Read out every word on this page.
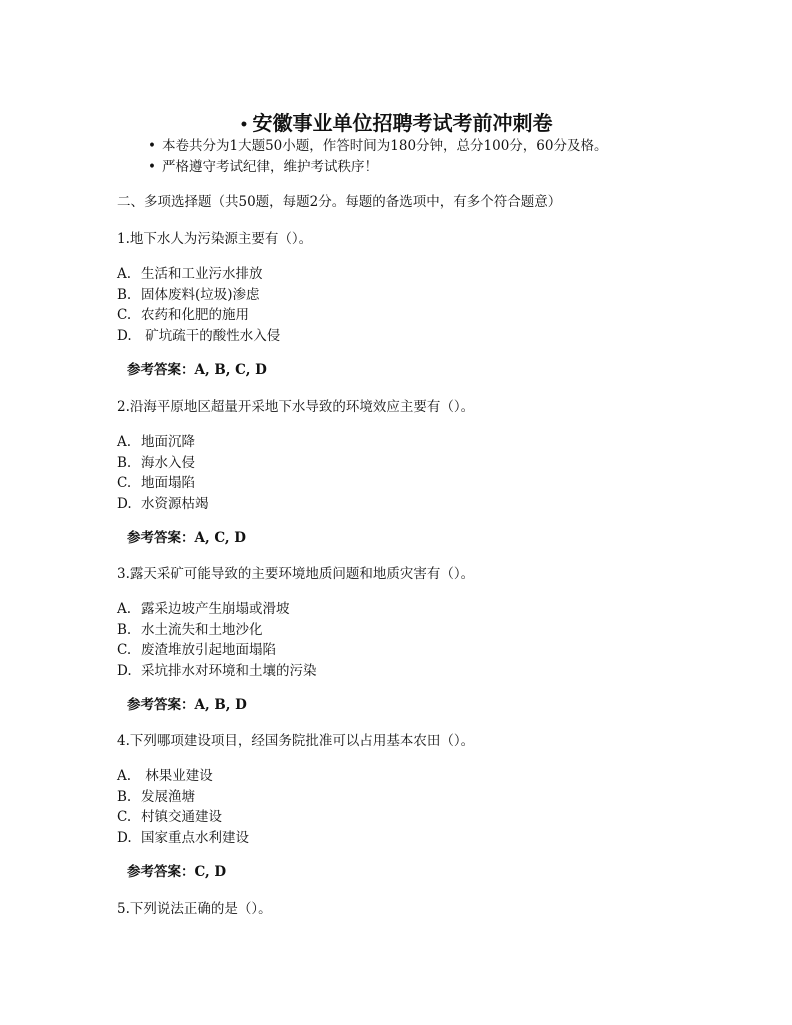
• 安徽事业单位招聘考试考前冲刺卷
• 本卷共分为1大题50小题，作答时间为180分钟，总分100分，60分及格。
• 严格遵守考试纪律，维护考试秩序！
二、多项选择题（共50题，每题2分。每题的备选项中，有多个符合题意）
1.地下水人为污染源主要有（）。
A. 生活和工业污水排放
B. 固体废料(垃圾)渗虑
C. 农药和化肥的施用
D. 矿坑疏干的酸性水入侵
参考答案：A, B, C, D
2.沿海平原地区超量开采地下水导致的环境效应主要有（）。
A. 地面沉降
B. 海水入侵
C. 地面塌陷
D. 水资源枯竭
参考答案：A, C, D
3.露天采矿可能导致的主要环境地质问题和地质灾害有（）。
A. 露采边坡产生崩塌或滑坡
B. 水土流失和土地沙化
C. 废渣堆放引起地面塌陷
D. 采坑排水对环境和土壤的污染
参考答案：A, B, D
4.下列哪项建设项目，经国务院批准可以占用基本农田（）。
A. 林果业建设
B. 发展渔塘
C. 村镇交通建设
D. 国家重点水利建设
参考答案：C, D
5.下列说法正确的是（）。
